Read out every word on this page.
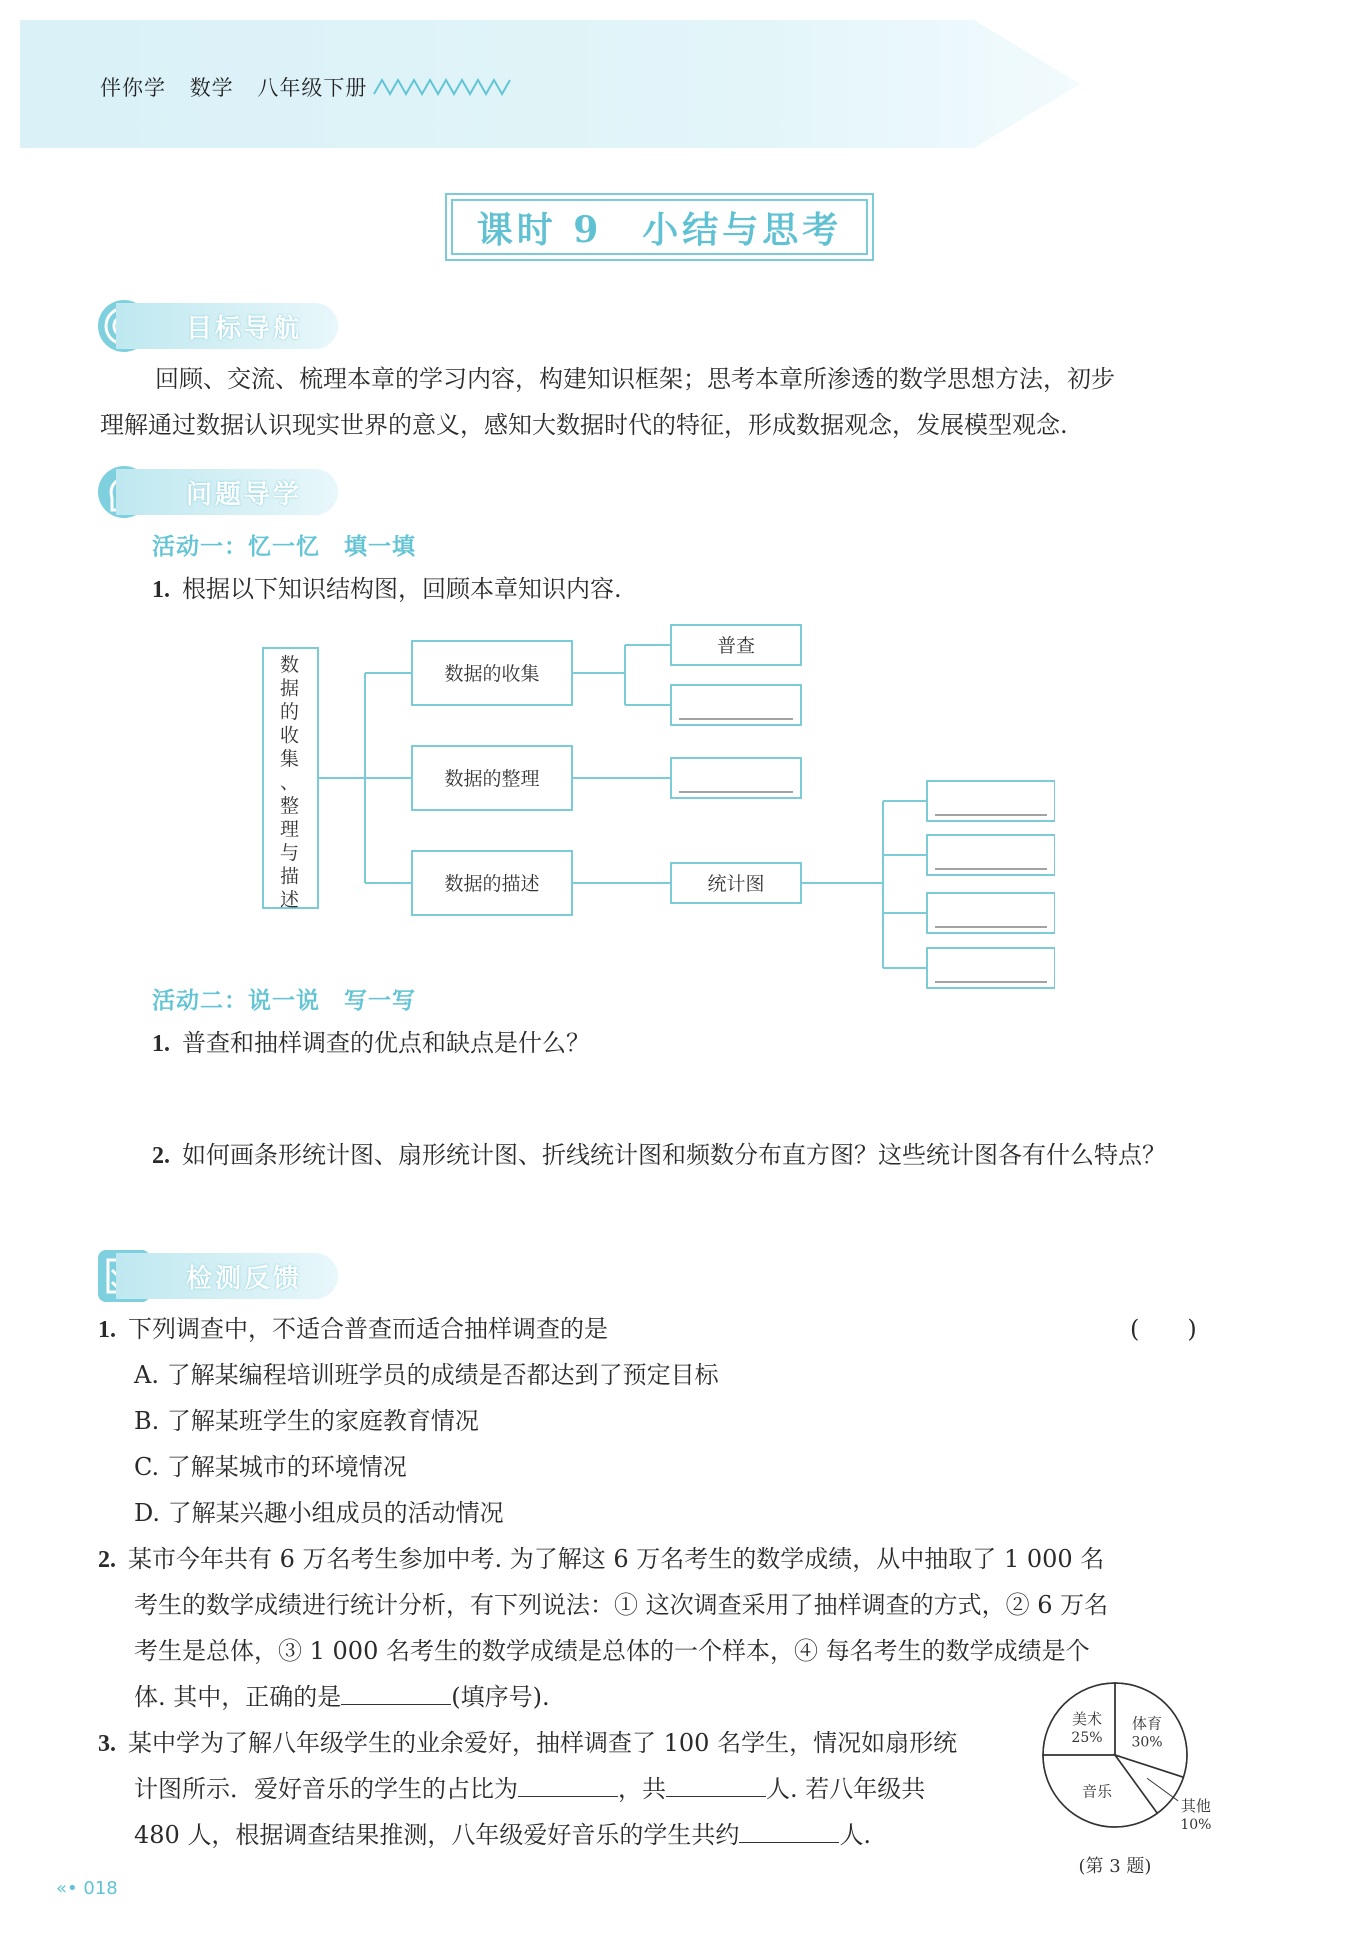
伴你学 数学 八年级下册
课时 9　小结与思考
目标导航
回顾、交流、梳理本章的学习内容，构建知识框架；思考本章所渗透的数学思想方法，初步
理解通过数据认识现实世界的意义，感知大数据时代的特征，形成数据观念，发展模型观念.
问题导学
活动一：忆一忆　填一填
1. 根据以下知识结构图，回顾本章知识内容.
数据的收集、整理与描述
数据的收集
数据的整理
数据的描述
普查
统计图
活动二：说一说　写一写
1. 普查和抽样调查的优点和缺点是什么？
2. 如何画条形统计图、扇形统计图、折线统计图和频数分布直方图？这些统计图各有什么特点？
检测反馈
1. 下列调查中，不适合普查而适合抽样调查的是	(　　)
A. 了解某编程培训班学员的成绩是否都达到了预定目标
B. 了解某班学生的家庭教育情况
C. 了解某城市的环境情况
D. 了解某兴趣小组成员的活动情况
2. 某市今年共有 6 万名考生参加中考. 为了解这 6 万名考生的数学成绩，从中抽取了 1 000 名
考生的数学成绩进行统计分析，有下列说法：① 这次调查采用了抽样调查的方式，② 6 万名
考生是总体，③ 1 000 名考生的数学成绩是总体的一个样本，④ 每名考生的数学成绩是个
体. 其中，正确的是	(填序号).
3. 某中学为了解八年级学生的业余爱好，抽样调查了 100 名学生，情况如扇形统
计图所示．爱好音乐的学生的占比为	，共	人. 若八年级共
480 人，根据调查结果推测，八年级爱好音乐的学生共约	人.
美术
25%
体育
30%
其他
10%
音乐
(第 3 题)
«• 018
